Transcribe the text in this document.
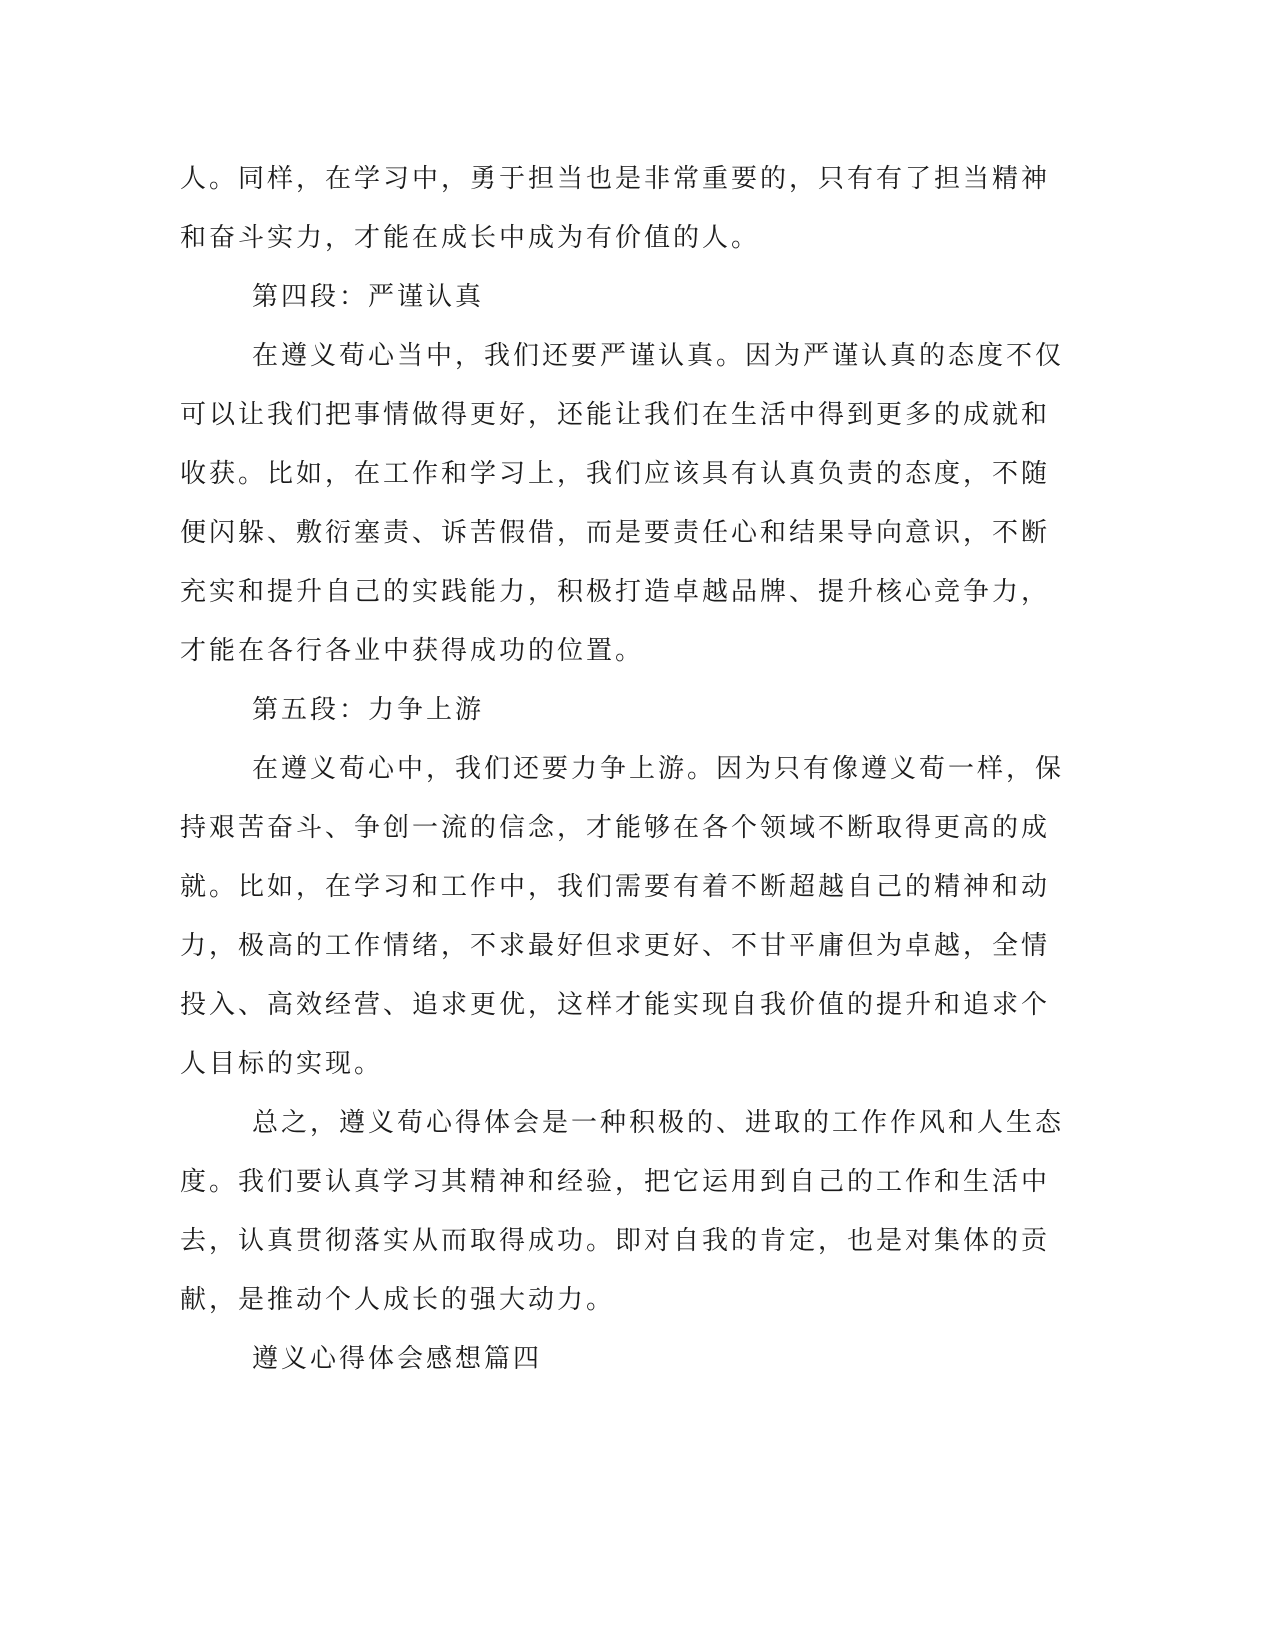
人。同样，在学习中，勇于担当也是非常重要的，只有有了担当精神
和奋斗实力，才能在成长中成为有价值的人。
第四段：严谨认真
在遵义荀心当中，我们还要严谨认真。因为严谨认真的态度不仅
可以让我们把事情做得更好，还能让我们在生活中得到更多的成就和
收获。比如，在工作和学习上，我们应该具有认真负责的态度，不随
便闪躲、敷衍塞责、诉苦假借，而是要责任心和结果导向意识，不断
充实和提升自己的实践能力，积极打造卓越品牌、提升核心竞争力，
才能在各行各业中获得成功的位置。
第五段：力争上游
在遵义荀心中，我们还要力争上游。因为只有像遵义荀一样，保
持艰苦奋斗、争创一流的信念，才能够在各个领域不断取得更高的成
就。比如，在学习和工作中，我们需要有着不断超越自己的精神和动
力，极高的工作情绪，不求最好但求更好、不甘平庸但为卓越，全情
投入、高效经营、追求更优，这样才能实现自我价值的提升和追求个
人目标的实现。
总之，遵义荀心得体会是一种积极的、进取的工作作风和人生态
度。我们要认真学习其精神和经验，把它运用到自己的工作和生活中
去，认真贯彻落实从而取得成功。即对自我的肯定，也是对集体的贡
献，是推动个人成长的强大动力。
遵义心得体会感想篇四
